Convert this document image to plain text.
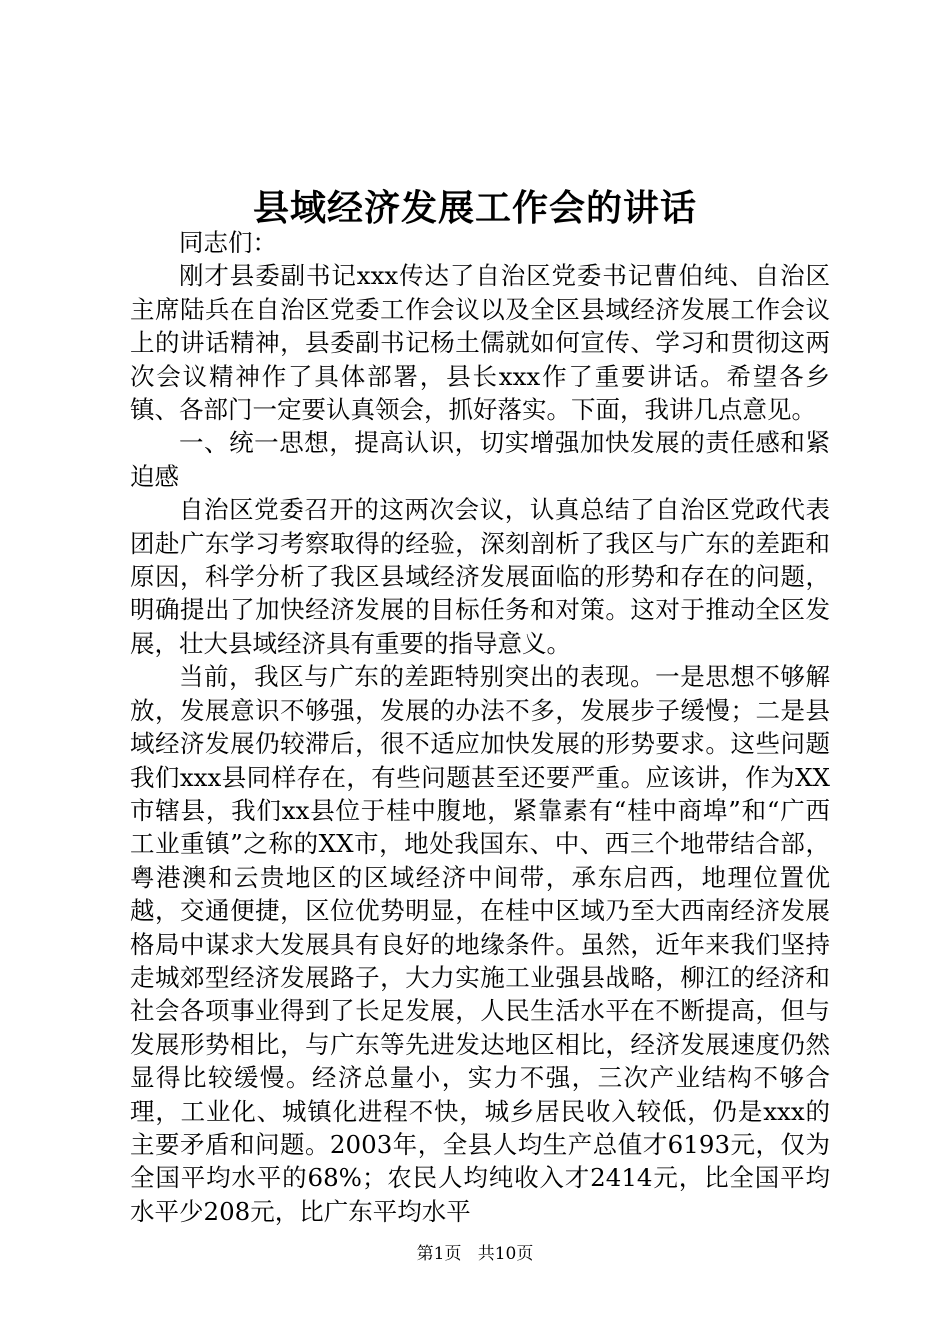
县域经济发展工作会的讲话

同志们：

刚才县委副书记xxx传达了自治区党委书记曹伯纯、自治区主席陆兵在自治区党委工作会议以及全区县域经济发展工作会议上的讲话精神，县委副书记杨土儒就如何宣传、学习和贯彻这两次会议精神作了具体部署，县长xxx作了重要讲话。希望各乡镇、各部门一定要认真领会，抓好落实。下面，我讲几点意见。

一、统一思想，提高认识，切实增强加快发展的责任感和紧迫感

自治区党委召开的这两次会议，认真总结了自治区党政代表团赴广东学习考察取得的经验，深刻剖析了我区与广东的差距和原因，科学分析了我区县域经济发展面临的形势和存在的问题，明确提出了加快经济发展的目标任务和对策。这对于推动全区发展，壮大县域经济具有重要的指导意义。

当前，我区与广东的差距特别突出的表现。一是思想不够解放，发展意识不够强，发展的办法不多，发展步子缓慢；二是县域经济发展仍较滞后，很不适应加快发展的形势要求。这些问题我们xxx县同样存在，有些问题甚至还要严重。应该讲，作为XX市辖县，我们xx县位于桂中腹地，紧靠素有“桂中商埠”和“广西工业重镇”之称的XX市，地处我国东、中、西三个地带结合部，粤港澳和云贵地区的区域经济中间带，承东启西，地理位置优越，交通便捷，区位优势明显，在桂中区域乃至大西南经济发展格局中谋求大发展具有良好的地缘条件。虽然，近年来我们坚持走城郊型经济发展路子，大力实施工业强县战略，柳江的经济和社会各项事业得到了长足发展，人民生活水平在不断提高，但与发展形势相比，与广东等先进发达地区相比，经济发展速度仍然显得比较缓慢。经济总量小，实力不强，三次产业结构不够合理，工业化、城镇化进程不快，城乡居民收入较低，仍是xxx的主要矛盾和问题。2003年，全县人均生产总值才6193元，仅为全国平均水平的68%；农民人均纯收入才2414元，比全国平均水平少208元，比广东平均水平

第1页 共10页
